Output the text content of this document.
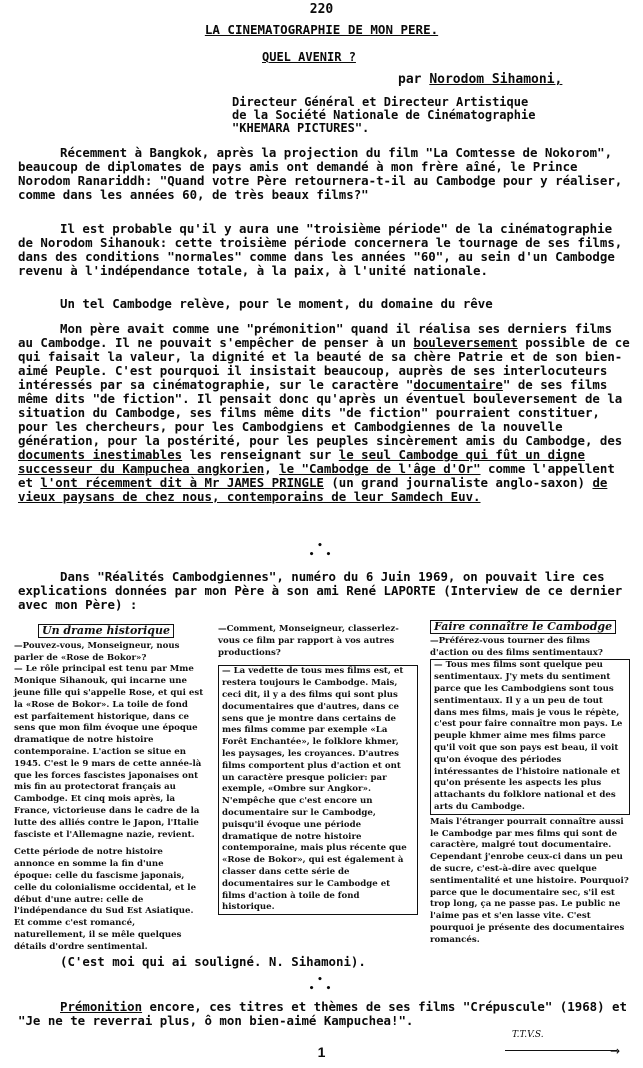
220
LA CINEMATOGRAPHIE DE MON PERE.
QUEL AVENIR ?
par Norodom Sihamoni,
Directeur Général et Directeur Artistique
de la Société Nationale de Cinématographie
"KHEMARA PICTURES".

Récemment à Bangkok, après la projection du film "La Comtesse de Nokorom", beaucoup de diplomates de pays amis ont demandé à mon frère aîné, le Prince Norodom Ranariddh: "Quand votre Père retournera-t-il au Cambodge pour y réaliser, comme dans les années 60, de très beaux films?"

Il est probable qu'il y aura une "troisième période" de la cinématographie de Norodom Sihanouk: cette troisième période concernera le tournage de ses films, dans des conditions "normales" comme dans les années "60", au sein d'un Cambodge revenu à l'indépendance totale, à la paix, à l'unité nationale.

Un tel Cambodge relève, pour le moment, du domaine du rêve

Mon père avait comme une "prémonition" quand il réalisa ses derniers films au Cambodge. Il ne pouvait s'empêcher de penser à un bouleversement possible de ce qui faisait la valeur, la dignité et la beauté de sa chère Patrie et de son bien-aimé Peuple. C'est pourquoi il insistait beaucoup, auprès de ses interlocuteurs intéressés par sa cinématographie, sur le caractère "documentaire" de ses films même dits "de fiction". Il pensait donc qu'après un éventuel bouleversement de la situation du Cambodge, ses films même dits "de fiction" pourraient constituer, pour les chercheurs, pour les Cambodgiens et Cambodgiennes de la nouvelle génération, pour la postérité, pour les peuples sincèrement amis du Cambodge, des documents inestimables les renseignant sur le seul Cambodge qui fût un digne successeur du Kampuchea angkorien, le "Cambodge de l'âge d'Or" comme l'appellent et l'ont récemment dit à Mr JAMES PRINGLE (un grand journaliste anglo-saxon) de vieux paysans de chez nous, contemporains de leur Samdech Euv.

•
• •

Dans "Réalités Cambodgiennes", numéro du 6 Juin 1969, on pouvait lire ces explications données par mon Père à son ami René LAPORTE (Interview de ce dernier avec mon Père) :

Un drame historique

—Pouvez-vous, Monseigneur, nous parler de «Rose de Bokor»?

— Le rôle principal est tenu par Mme Monique Sihanouk, qui incarne une jeune fille qui s'appelle Rose, et qui est la «Rose de Bokor». La toile de fond est parfaitement historique, dans ce sens que mon film évoque une époque dramatique de notre histoire contemporaine. L'action se situe en 1945. C'est le 9 mars de cette année-là que les forces fascistes japonaises ont mis fin au protectorat français au Cambodge. Et cinq mois après, la France, victorieuse dans le cadre de la lutte des alliés contre le Japon, l'Italie fasciste et l'Allemagne nazie, revient.

Cette période de notre histoire annonce en somme la fin d'une époque: celle du fascisme japonais, celle du colonialisme occidental, et le début d'une autre: celle de l'indépendance du Sud Est Asiatique. Et comme c'est romancé, naturellement, il se mêle quelques détails d'ordre sentimental.

—Comment, Monseigneur, classerlez-vous ce film par rapport à vos autres productions?

— La vedette de tous mes films est, et restera toujours le Cambodge. Mais, ceci dit, il y a des films qui sont plus documentaires que d'autres, dans ce sens que je montre dans certains de mes films comme par exemple «La Forêt Enchantée», le folklore khmer, les paysages, les croyances. D'autres films comportent plus d'action et ont un caractère presque policier: par exemple, «Ombre sur Angkor». N'empêche que c'est encore un documentaire sur le Cambodge, puisqu'il évoque une période dramatique de notre histoire contemporaine, mais plus récente que «Rose de Bokor», qui est également à classer dans cette série de documentaires sur le Cambodge et films d'action à toile de fond historique.

Faire connaître le Cambodge

—Préférez-vous tourner des films d'action ou des films sentimentaux?

— Tous mes films sont quelque peu sentimentaux. J'y mets du sentiment parce que les Cambodgiens sont tous sentimentaux. Il y a un peu de tout dans mes films, mais je vous le répète, c'est pour faire connaître mon pays. Le peuple khmer aime mes films parce qu'il voit que son pays est beau, il voit qu'on évoque des périodes intéressantes de l'histoire nationale et qu'on présente les aspects les plus attachants du folklore national et des arts du Cambodge.

Mais l'étranger pourrait connaître aussi le Cambodge par mes films qui sont de caractère, malgré tout documentaire. Cependant j'enrobe ceux-ci dans un peu de sucre, c'est-à-dire avec quelque sentimentalité et une histoire. Pourquoi? parce que le documentaire sec, s'il est trop long, ça ne passe pas. Le public ne l'aime pas et s'en lasse vite. C'est pourquoi je présente des documentaires romancés.

(C'est moi qui ai souligné. N. Sihamoni).

•
• •

Prémonition encore, ces titres et thèmes de ses films "Crépuscule" (1968) et "Je ne te reverrai plus, ô mon bien-aimé Kampuchea!".

T.T.V.S.
→
1
